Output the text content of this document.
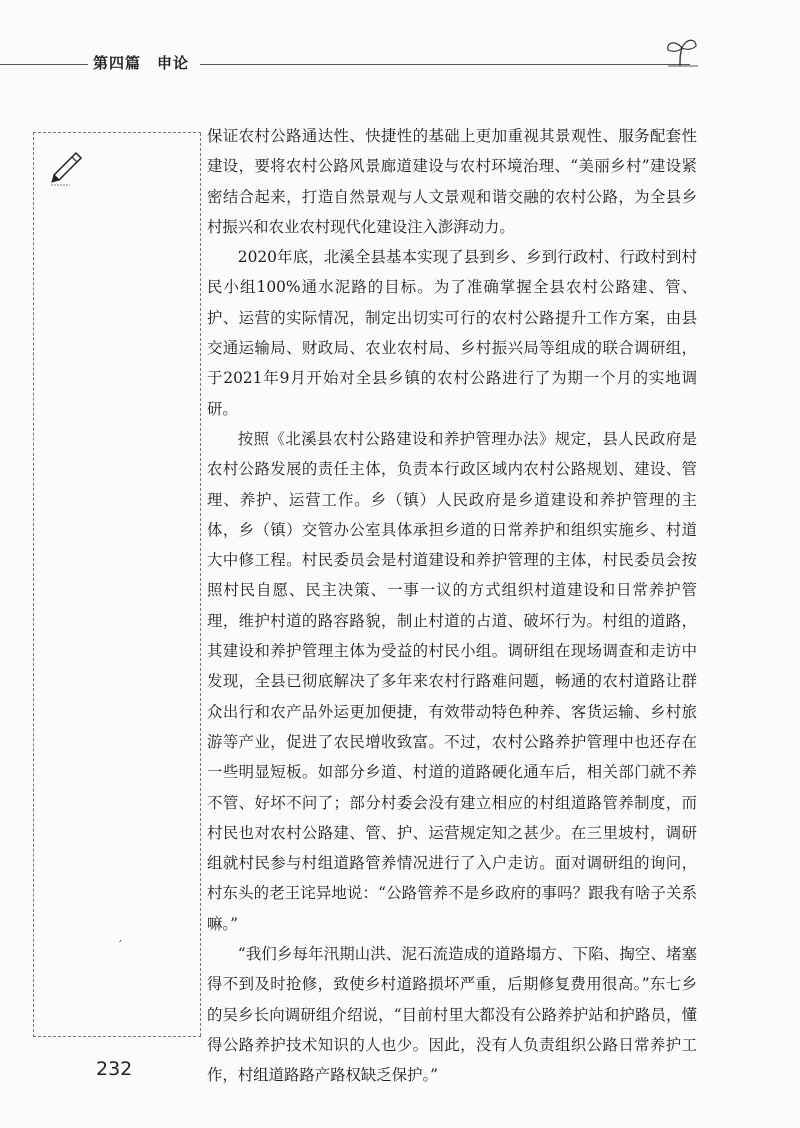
第四篇　申论
′

保证农村公路通达性、快捷性的基础上更加重视其景观性、服务配套性建设，要将农村公路风景廊道建设与农村环境治理、“美丽乡村”建设紧密结合起来，打造自然景观与人文景观和谐交融的农村公路，为全县乡村振兴和农业农村现代化建设注入澎湃动力。

2020年底，北溪全县基本实现了县到乡、乡到行政村、行政村到村民小组100%通水泥路的目标。为了准确掌握全县农村公路建、管、护、运营的实际情况，制定出切实可行的农村公路提升工作方案，由县交通运输局、财政局、农业农村局、乡村振兴局等组成的联合调研组，于2021年9月开始对全县乡镇的农村公路进行了为期一个月的实地调研。

按照《北溪县农村公路建设和养护管理办法》规定，县人民政府是农村公路发展的责任主体，负责本行政区域内农村公路规划、建设、管理、养护、运营工作。乡（镇）人民政府是乡道建设和养护管理的主体，乡（镇）交管办公室具体承担乡道的日常养护和组织实施乡、村道大中修工程。村民委员会是村道建设和养护管理的主体，村民委员会按照村民自愿、民主决策、一事一议的方式组织村道建设和日常养护管理，维护村道的路容路貌，制止村道的占道、破坏行为。村组的道路，其建设和养护管理主体为受益的村民小组。调研组在现场调查和走访中发现，全县已彻底解决了多年来农村行路难问题，畅通的农村道路让群众出行和农产品外运更加便捷，有效带动特色种养、客货运输、乡村旅游等产业，促进了农民增收致富。不过，农村公路养护管理中也还存在一些明显短板。如部分乡道、村道的道路硬化通车后，相关部门就不养不管、好坏不问了；部分村委会没有建立相应的村组道路管养制度，而村民也对农村公路建、管、护、运营规定知之甚少。在三里坡村，调研组就村民参与村组道路管养情况进行了入户走访。面对调研组的询问，村东头的老王诧异地说：“公路管养不是乡政府的事吗？跟我有啥子关系嘛。”

“我们乡每年汛期山洪、泥石流造成的道路塌方、下陷、掏空、堵塞得不到及时抢修，致使乡村道路损坏严重，后期修复费用很高。”东七乡的吴乡长向调研组介绍说，“目前村里大都没有公路养护站和护路员，懂得公路养护技术知识的人也少。因此，没有人负责组织公路日常养护工作，村组道路路产路权缺乏保护。”

232
